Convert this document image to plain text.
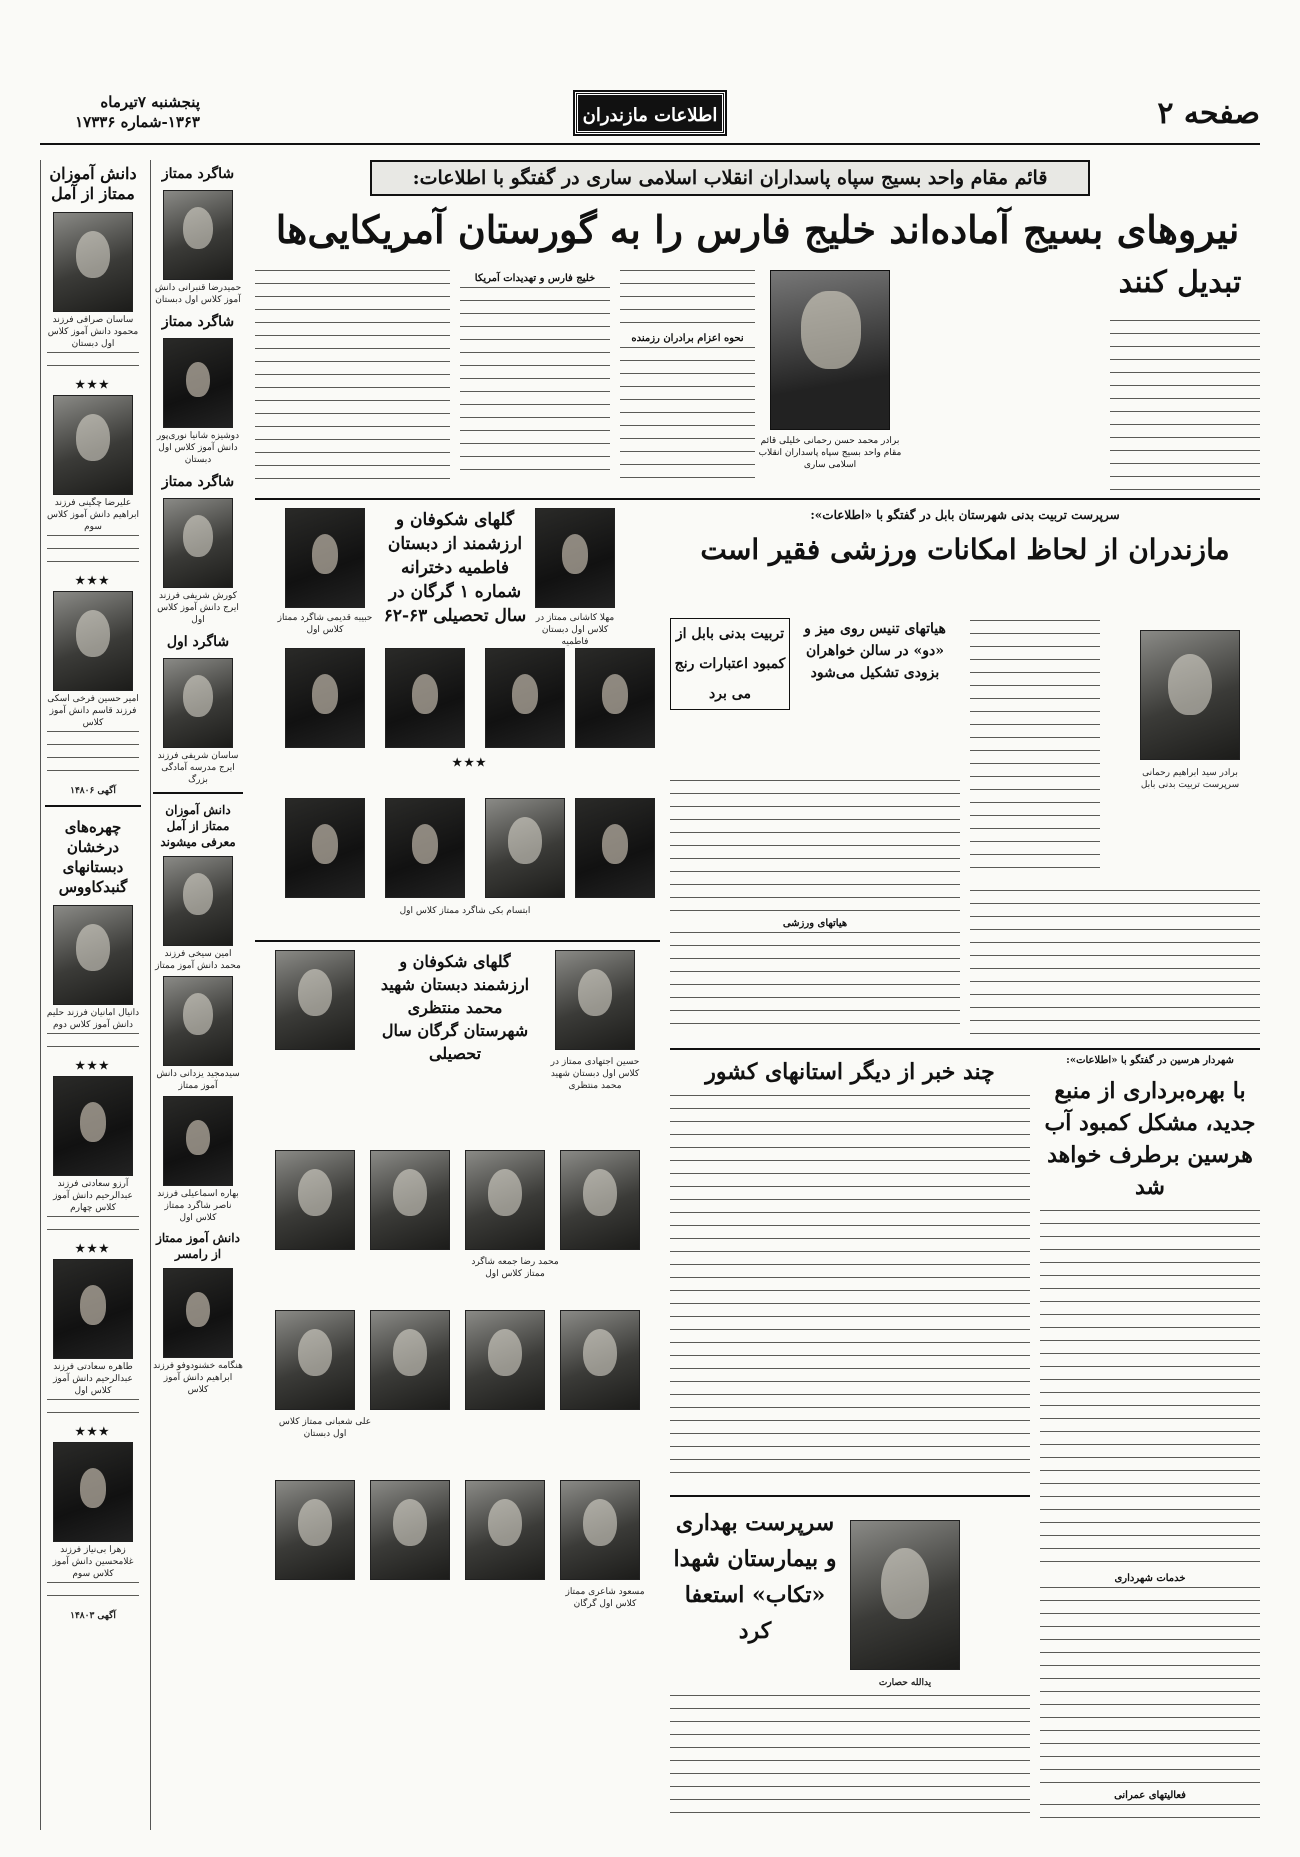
صفحه ۲
اطلاعات مازندران
پنجشنبه ۷تیرماه
۱۳۶۳-شماره ۱۷۳۳۶
دانش آموزان ممتاز از آمل
ساسان صرافی فرزند محمود دانش آموز کلاس اول دبستان
★★★
علیرضا چگینی فرزند ابراهیم دانش آموز کلاس سوم
★★★
امیر حسین فرخی اسکی فرزند قاسم دانش آموز کلاس
آگهی ۱۴۸۰۶
چهره‌های درخشان دبستانهای گنبدکاووس
دانیال امانیان فرزند حلیم دانش آموز کلاس دوم
★★★
آرزو سعادتی فرزند عبدالرحیم دانش آموز کلاس چهارم
★★★
طاهره سعادتی فرزند عبدالرحیم دانش آموز کلاس اول
★★★
زهرا بی‌نیاز فرزند غلامحسین دانش آموز کلاس سوم
آگهی ۱۴۸۰۳
شاگرد ممتاز
حمیدرضا قنبرانی دانش آموز کلاس اول دبستان
شاگرد ممتاز
دوشیزه شانیا نوری‌پور دانش آموز کلاس اول دبستان
شاگرد ممتاز
کورش شریفی فرزند ایرج دانش آموز کلاس اول
شاگرد اول
ساسان شریفی فرزند ایرج مدرسه آمادگی بزرگ
دانش آموزان ممتاز از آمل معرفی میشوند
امین سیخی فرزند محمد دانش آموز ممتاز
سیدمجید یزدانی دانش آموز ممتاز
بهاره اسماعیلی فرزند ناصر شاگرد ممتاز کلاس اول
دانش آموز ممتاز از رامسر
هنگامه خشنودوفو فرزند ابراهیم دانش آموز کلاس
قائم مقام واحد بسیج سپاه پاسداران انقلاب اسلامی ساری در گفتگو با اطلاعات:
نیروهای بسیج آماده‌اند خلیج فارس را به گورستان آمریکایی‌ها
تبدیل کنند
برادر محمد حسن رحمانی خلیلی قائم مقام واحد بسیج سپاه پاسداران انقلاب اسلامی ساری
نحوه اعزام برادران رزمنده
خلیج فارس و تهدیدات آمریکا
گلهای شکوفان و ارزشمند از دبستان فاطمیه دخترانه شماره ۱ گرگان در سال تحصیلی ۶۳-۶۲
حبیبه قدیمی شاگرد ممتاز کلاس اول
مهلا کاشانی ممتاز در کلاس اول دبستان فاطمیه
★★★
ابتسام بکی شاگرد ممتاز کلاس اول
گلهای شکوفان و ارزشمند دبستان شهید محمد منتظری شهرستان گرگان سال تحصیلی	حسین اجتهادی ممتاز در کلاس اول دبستان شهید محمد منتظری
محمد رضا جمعه شاگرد ممتاز کلاس اول
علی شعبانی ممتاز کلاس اول دبستان
مسعود شاعری ممتاز کلاس اول گرگان
سرپرست تربیت بدنی شهرستان بابل در گفتگو با «اطلاعات»:
مازندران از لحاظ امکانات ورزشی فقیر است
تربیت بدنی بابل از کمبود اعتبارات رنج می برد
هیاتهای تنیس روی میز و «دو» در سالن خواهران بزودی تشکیل می‌شود
برادر سید ابراهیم رحمانی سرپرست تربیت بدنی بابل
هیاتهای ورزشی
چند خبر از دیگر استانهای کشور	شهردار هرسین در گفتگو با «اطلاعات»:
با بهره‌برداری از منبع جدید، مشکل کمبود آب هرسین برطرف خواهد شد
خدمات شهرداری
فعالیتهای عمرانی
سرپرست بهداری و بیمارستان شهدا «تکاب» استعفا کرد
یدالله حصارت
